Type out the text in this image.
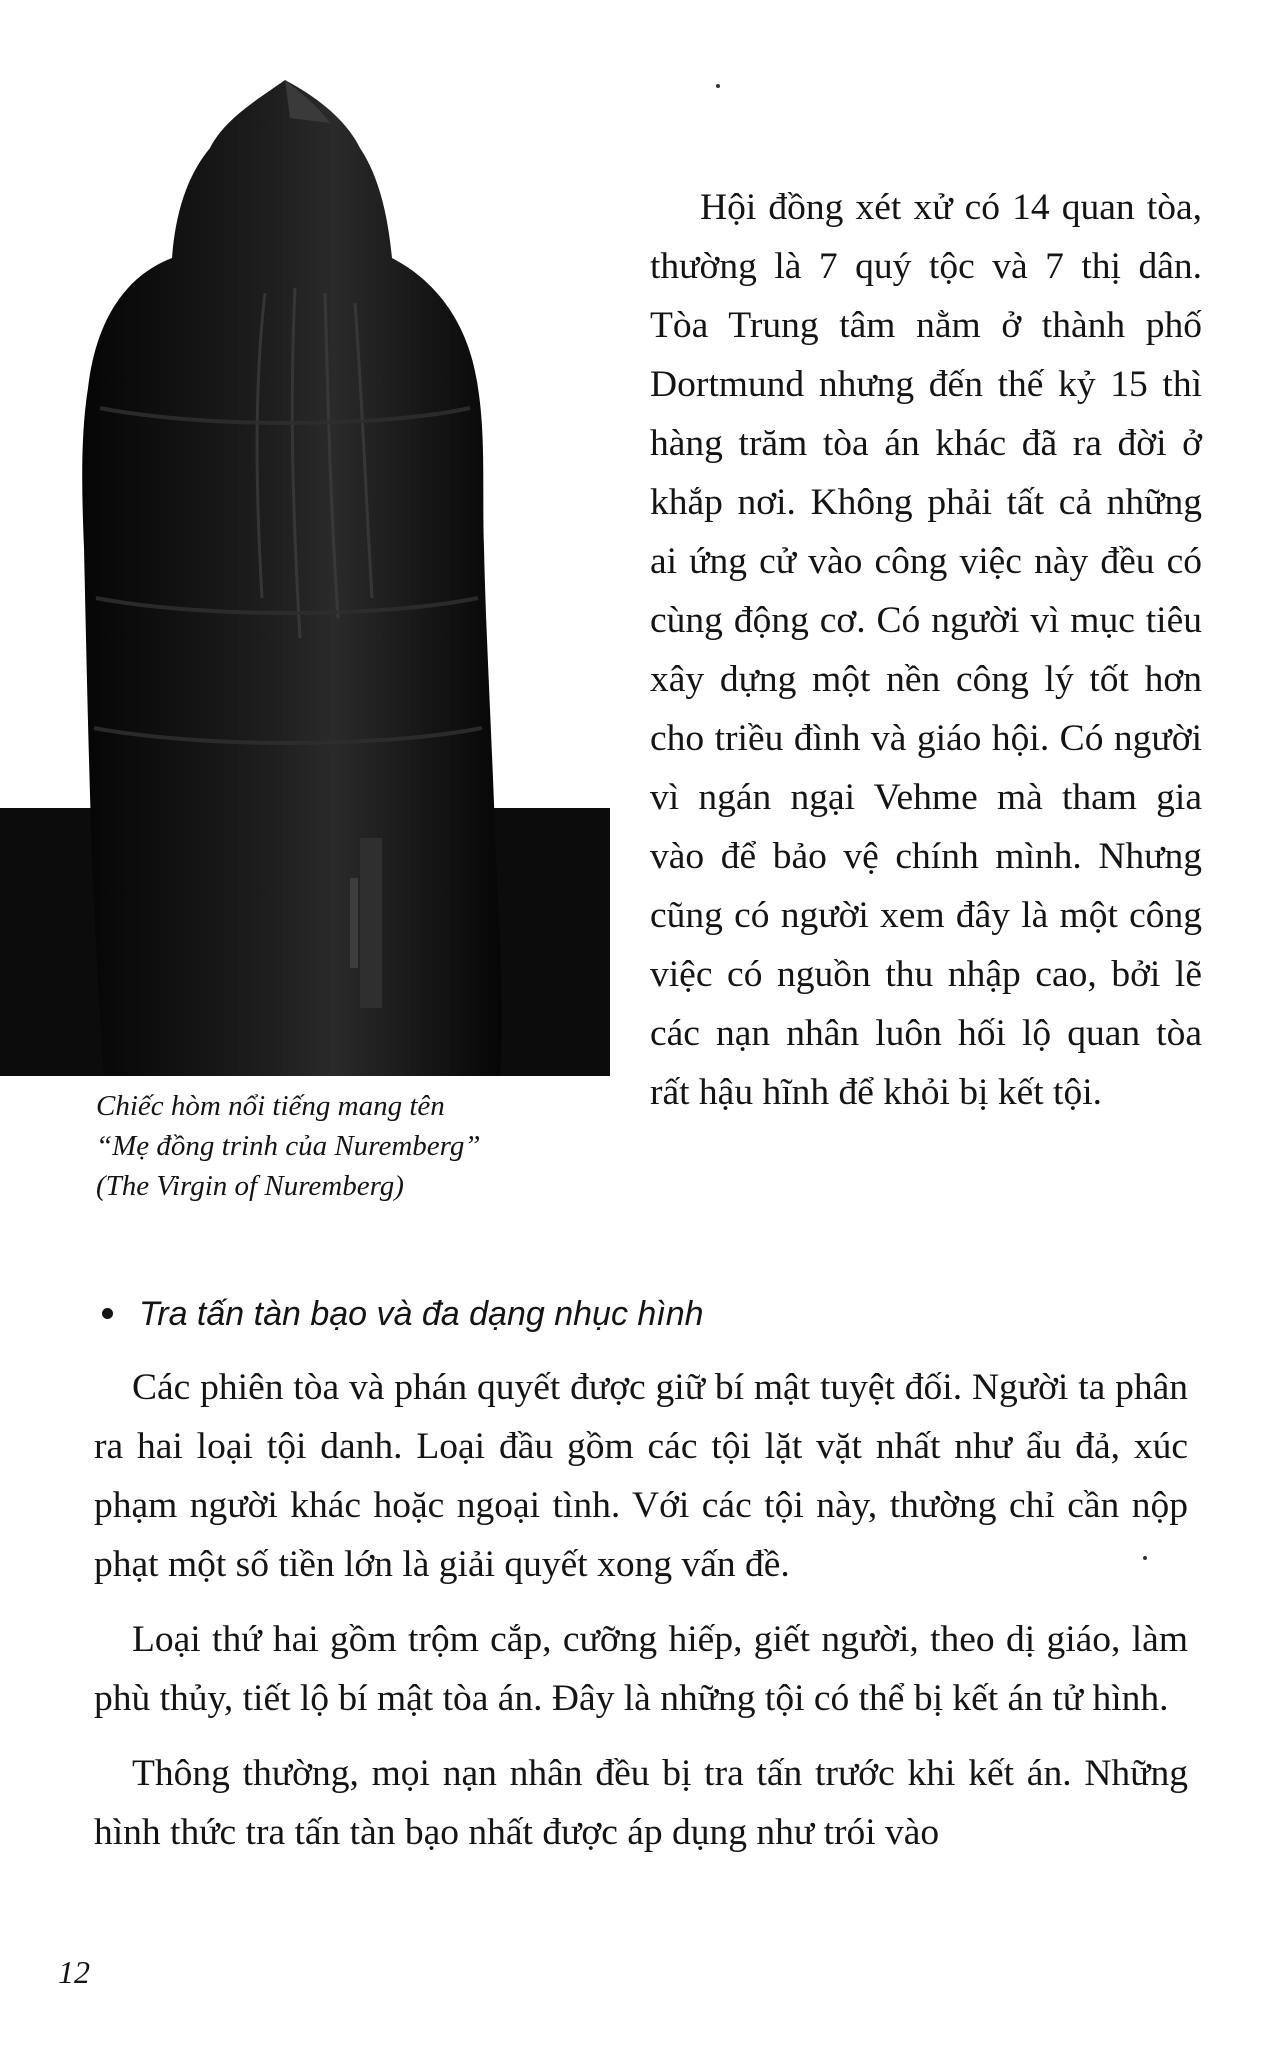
Chiếc hòm nổi tiếng mang tên
“Mẹ đồng trinh của Nuremberg”
(The Virgin of Nuremberg)
Hội đồng xét xử có 14 quan tòa, thường là 7 quý tộc và 7 thị dân. Tòa Trung tâm nằm ở thành phố Dortmund nhưng đến thế kỷ 15 thì hàng trăm tòa án khác đã ra đời ở khắp nơi. Không phải tất cả những ai ứng cử vào công việc này đều có cùng động cơ. Có người vì mục tiêu xây dựng một nền công lý tốt hơn cho triều đình và giáo hội. Có người vì ngán ngại Vehme mà tham gia vào để bảo vệ chính mình. Nhưng cũng có người xem đây là một công việc có nguồn thu nhập cao, bởi lẽ các nạn nhân luôn hối lộ quan tòa rất hậu hĩnh để khỏi bị kết tội.
Tra tấn tàn bạo và đa dạng nhục hình

Các phiên tòa và phán quyết được giữ bí mật tuyệt đối. Người ta phân ra hai loại tội danh. Loại đầu gồm các tội lặt vặt nhất như ẩu đả, xúc phạm người khác hoặc ngoại tình. Với các tội này, thường chỉ cần nộp phạt một số tiền lớn là giải quyết xong vấn đề.

Loại thứ hai gồm trộm cắp, cưỡng hiếp, giết người, theo dị giáo, làm phù thủy, tiết lộ bí mật tòa án. Đây là những tội có thể bị kết án tử hình.

Thông thường, mọi nạn nhân đều bị tra tấn trước khi kết án. Những hình thức tra tấn tàn bạo nhất được áp dụng như trói vào

12
